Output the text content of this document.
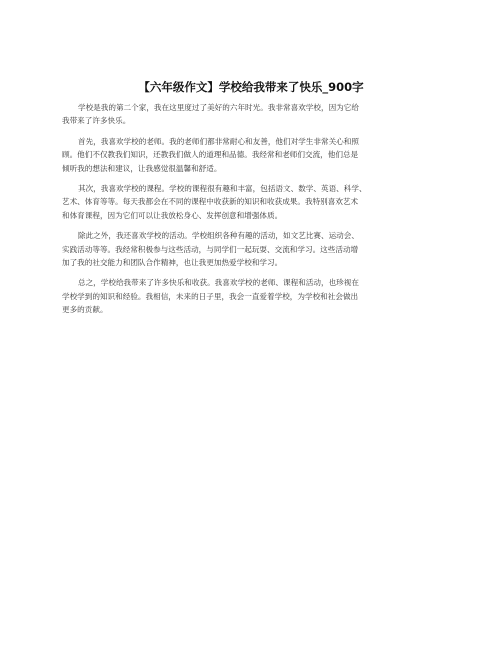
【六年级作文】学校给我带来了快乐_900字

学校是我的第二个家，我在这里度过了美好的六年时光。我非常喜欢学校，因为它给
我带来了许多快乐。

首先，我喜欢学校的老师。我的老师们都非常耐心和友善，他们对学生非常关心和照
顾。他们不仅教我们知识，还教我们做人的道理和品德。我经常和老师们交流，他们总是
倾听我的想法和建议，让我感觉很温馨和舒适。

其次，我喜欢学校的课程。学校的课程很有趣和丰富，包括语文、数学、英语、科学、
艺术、体育等等。每天我都会在不同的课程中收获新的知识和收获成果。我特别喜欢艺术
和体育课程，因为它们可以让我放松身心、发挥创意和增强体质。

除此之外，我还喜欢学校的活动。学校组织各种有趣的活动，如文艺比赛、运动会、
实践活动等等。我经常积极参与这些活动，与同学们一起玩耍、交流和学习。这些活动增
加了我的社交能力和团队合作精神，也让我更加热爱学校和学习。

总之，学校给我带来了许多快乐和收获。我喜欢学校的老师、课程和活动，也珍视在
学校学到的知识和经验。我相信，未来的日子里，我会一直爱着学校，为学校和社会做出
更多的贡献。
